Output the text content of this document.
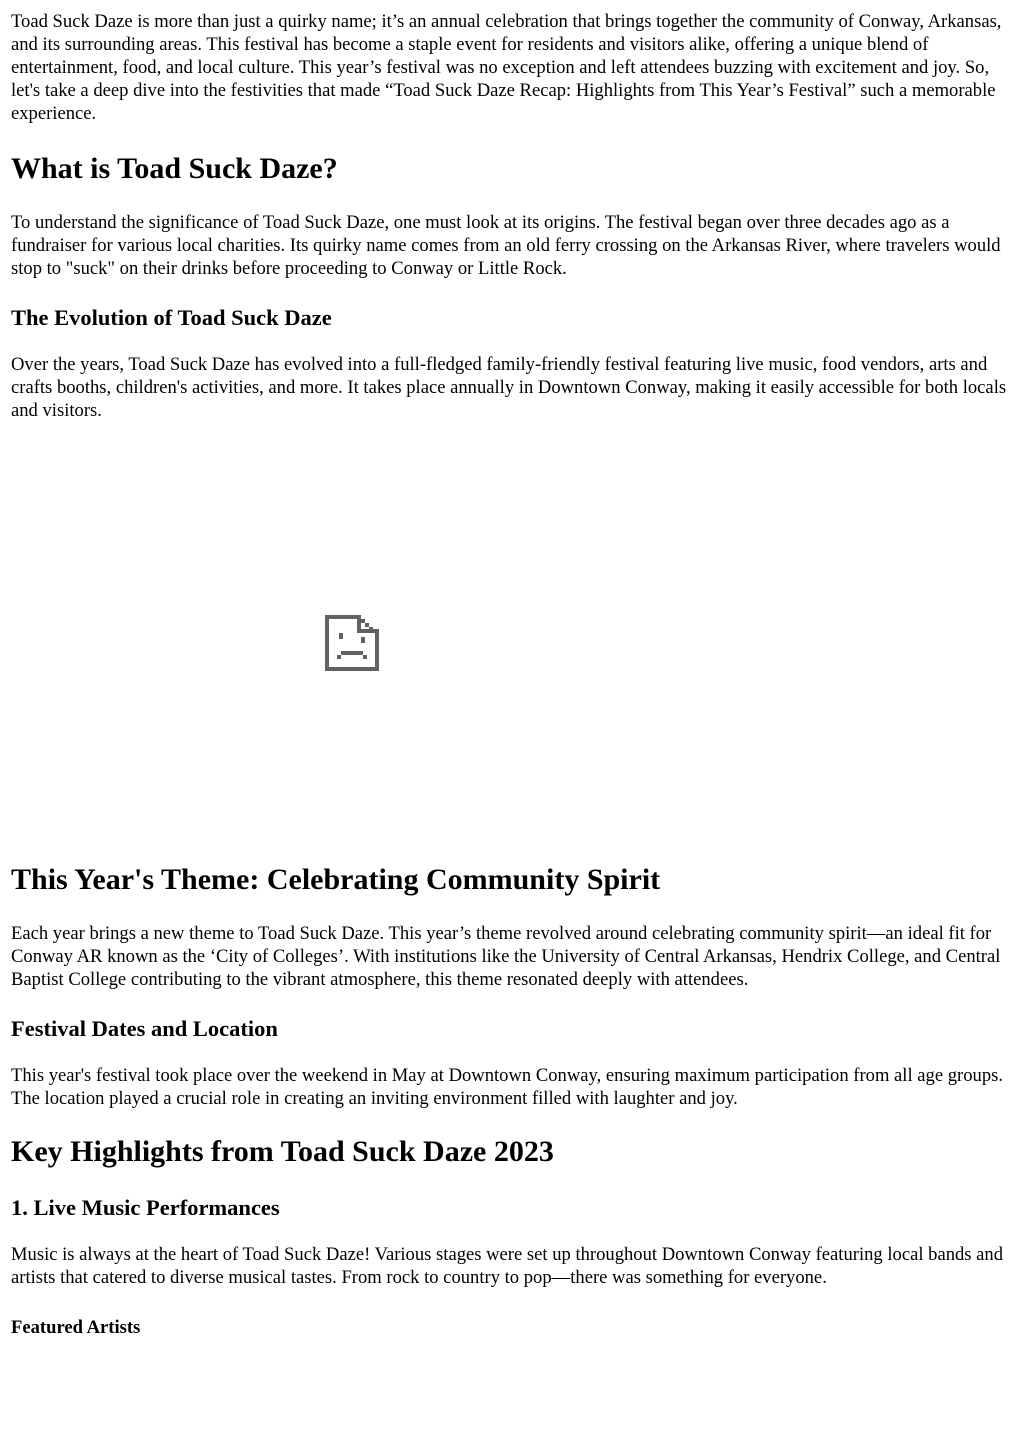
Toad Suck Daze is more than just a quirky name; it’s an annual celebration that brings together the community of Conway, Arkansas, and its surrounding areas. This festival has become a staple event for residents and visitors alike, offering a unique blend of entertainment, food, and local culture. This year’s festival was no exception and left attendees buzzing with excitement and joy. So, let's take a deep dive into the festivities that made “Toad Suck Daze Recap: Highlights from This Year’s Festival” such a memorable experience.

What is Toad Suck Daze?

To understand the significance of Toad Suck Daze, one must look at its origins. The festival began over three decades ago as a fundraiser for various local charities. Its quirky name comes from an old ferry crossing on the Arkansas River, where travelers would stop to "suck" on their drinks before proceeding to Conway or Little Rock.

The Evolution of Toad Suck Daze

Over the years, Toad Suck Daze has evolved into a full-fledged family-friendly festival featuring live music, food vendors, arts and crafts booths, children's activities, and more. It takes place annually in Downtown Conway, making it easily accessible for both locals and visitors.

This Year's Theme: Celebrating Community Spirit

Each year brings a new theme to Toad Suck Daze. This year’s theme revolved around celebrating community spirit—an ideal fit for Conway AR known as the ‘City of Colleges’. With institutions like the University of Central Arkansas, Hendrix College, and Central Baptist College contributing to the vibrant atmosphere, this theme resonated deeply with attendees.

Festival Dates and Location

This year's festival took place over the weekend in May at Downtown Conway, ensuring maximum participation from all age groups. The location played a crucial role in creating an inviting environment filled with laughter and joy.

Key Highlights from Toad Suck Daze 2023
1. Live Music Performances

Music is always at the heart of Toad Suck Daze! Various stages were set up throughout Downtown Conway featuring local bands and artists that catered to diverse musical tastes. From rock to country to pop—there was something for everyone.

Featured Artists
